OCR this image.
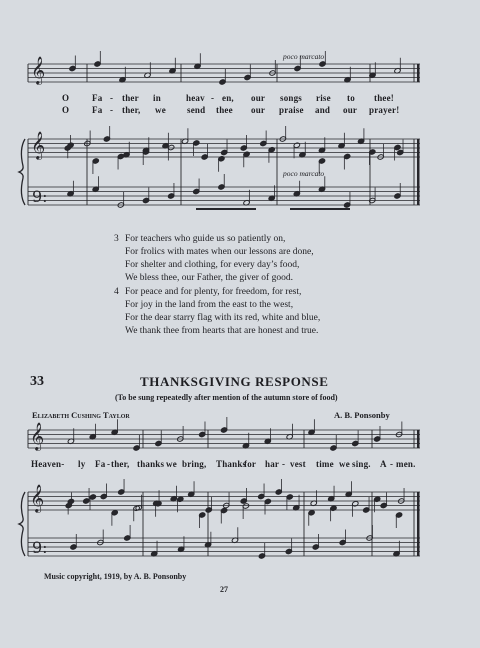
𝄞
𝄞
9:
𝄞
𝄞
9:
poco marcato
O	Fa - ther in	heav - en, our songs rise to thee!
O	Fa - ther, we send thee our praise and our prayer!
poco marcato
3 For teachers who guide us so patiently on,
For frolics with mates when our lessons are done,
For shelter and clothing, for every day’s food,
We bless thee, our Father, the giver of good.
4 For peace and for plenty, for freedom, for rest,
For joy in the land from the east to the west,
For the dear starry flag with its red, white and blue,
We thank thee from hearts that are honest and true.
33	THANKSGIVING RESPONSE
(To be sung repeatedly after mention of the autumn store of food)
Elizabeth Cushing Taylor	A. B. Ponsonby
Heaven- ly Fa - ther, thanks we bring, Thanks
for har - vest time we sing. A - men.
Music copyright, 1919, by A. B. Ponsonby
27
